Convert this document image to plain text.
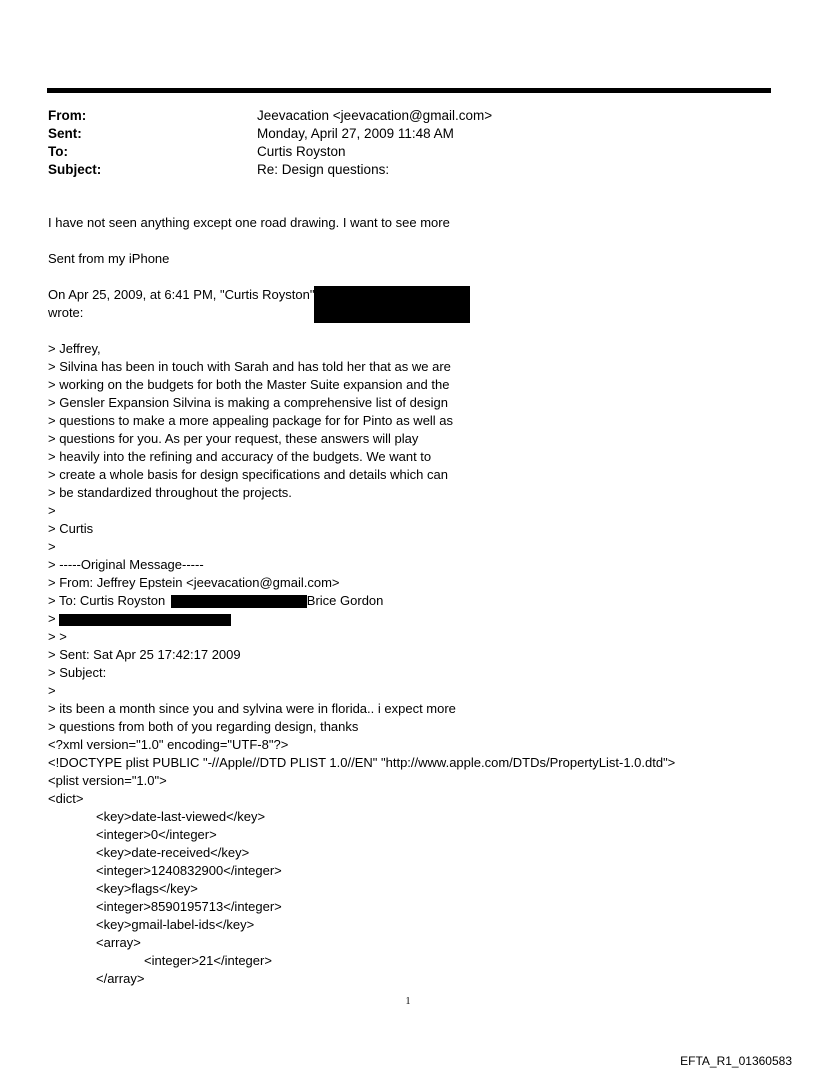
From:	Jeevacation <jeevacation@gmail.com>
Sent:	Monday, April 27, 2009 11:48 AM
To:	Curtis Royston
Subject:	Re: Design questions:
I have not seen anything except one road drawing. I want to see more
Sent from my iPhone
On Apr 25, 2009, at 6:41 PM, "Curtis Royston"
wrote:
> Jeffrey,
> Silvina has been in touch with Sarah and has told her that as we are
> working on the budgets for both the Master Suite expansion and the
> Gensler Expansion Silvina is making a comprehensive list of design
> questions to make a more appealing package for for Pinto as well as
> questions for you. As per your request, these answers will play
> heavily into the refining and accuracy of the budgets. We want to
> create a whole basis for design specifications and details which can
> be standardized throughout the projects.
>
> Curtis
>
> -----Original Message-----
> From: Jeffrey Epstein <jeevacation@gmail.com>
> To: Curtis Royston	Brice Gordon
>
> >
> Sent: Sat Apr 25 17:42:17 2009
> Subject:
>
> its been a month since you and sylvina were in florida.. i expect more
> questions from both of you regarding design, thanks
<?xml version="1.0" encoding="UTF-8"?>
<!DOCTYPE plist PUBLIC "-//Apple//DTD PLIST 1.0//EN" "http://www.apple.com/DTDs/PropertyList-1.0.dtd">
<plist version="1.0">
<dict>
<key>date-last-viewed</key>
<integer>0</integer>
<key>date-received</key>
<integer>1240832900</integer>
<key>flags</key>
<integer>8590195713</integer>
<key>gmail-label-ids</key>
<array>
<integer>21</integer>
</array>
1
EFTA_R1_01360583
